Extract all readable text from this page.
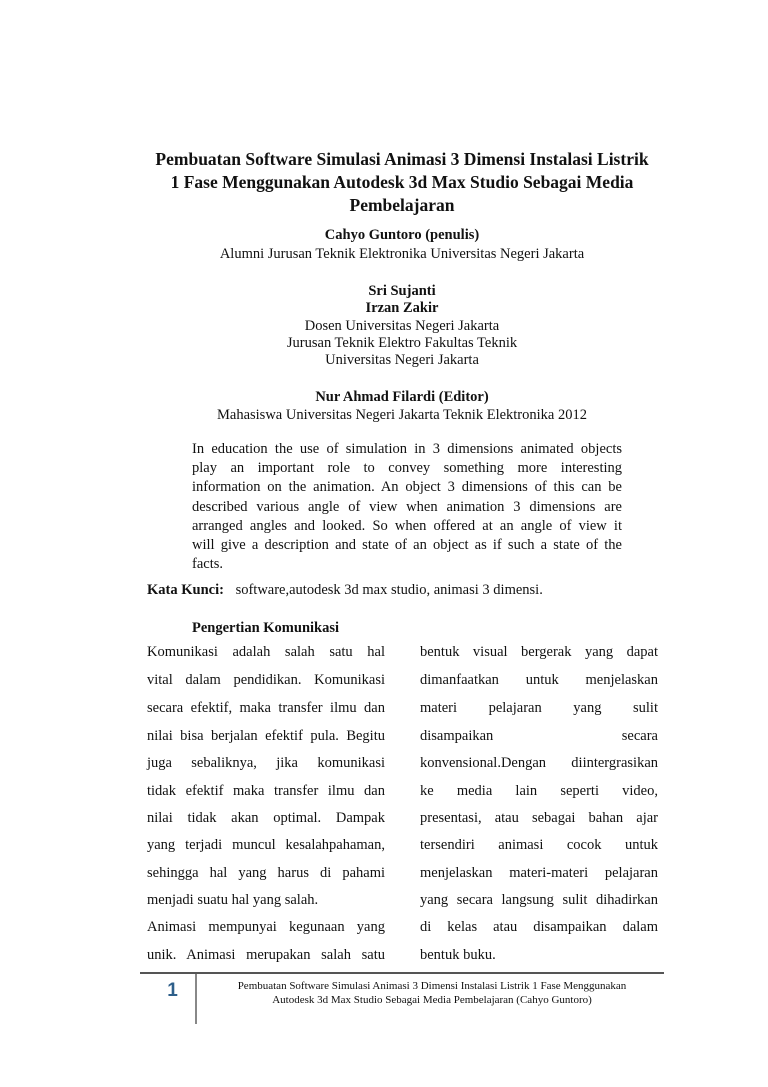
Pembuatan Software Simulasi Animasi 3 Dimensi Instalasi Listrik
1 Fase Menggunakan Autodesk 3d Max Studio Sebagai Media
Pembelajaran
Cahyo Guntoro (penulis)
Alumni Jurusan Teknik Elektronika Universitas Negeri Jakarta
Sri Sujanti
Irzan Zakir
Dosen Universitas Negeri Jakarta
Jurusan Teknik Elektro Fakultas Teknik
Universitas Negeri Jakarta
Nur Ahmad Filardi (Editor)
Mahasiswa Universitas Negeri Jakarta Teknik Elektronika 2012
In education the use of simulation in 3 dimensions animated objects
play an important role to convey something more interesting
information on the animation. An object 3 dimensions of this can be
described various angle of view when animation 3 dimensions are
arranged angles and looked. So when offered at an angle of view it
will give a description and state of an object as if such a state of the
facts.
Kata Kunci: software,autodesk 3d max studio, animasi 3 dimensi.
Pengertian Komunikasi
Komunikasi adalah salah satu hal
vital dalam pendidikan. Komunikasi
secara efektif, maka transfer ilmu dan
nilai bisa berjalan efektif pula. Begitu
juga sebaliknya, jika komunikasi
tidak efektif maka transfer ilmu dan
nilai tidak akan optimal. Dampak
yang terjadi muncul kesalahpahaman,
sehingga hal yang harus di pahami
menjadi suatu hal yang salah.
Animasi mempunyai kegunaan yang
unik. Animasi merupakan salah satu
bentuk visual bergerak yang dapat
dimanfaatkan untuk menjelaskan
materi pelajaran yang sulit
disampaikan secara
konvensional.Dengan diintergrasikan
ke media lain seperti video,
presentasi, atau sebagai bahan ajar
tersendiri animasi cocok untuk
menjelaskan materi-materi pelajaran
yang secara langsung sulit dihadirkan
di kelas atau disampaikan dalam
bentuk buku.
1	Pembuatan Software Simulasi Animasi 3 Dimensi Instalasi Listrik 1 Fase Menggunakan
Autodesk 3d Max Studio Sebagai Media Pembelajaran (Cahyo Guntoro)
